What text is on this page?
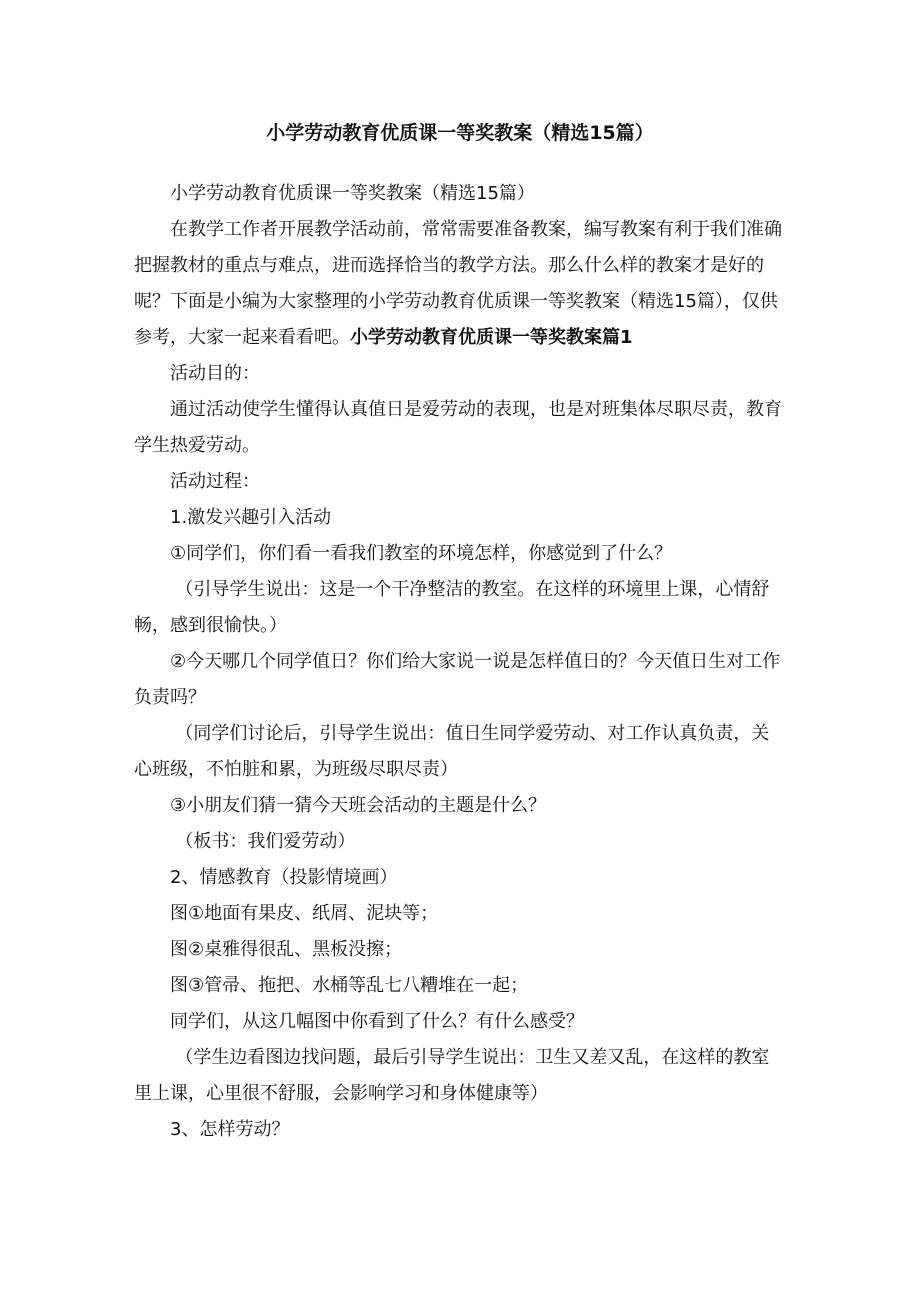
小学劳动教育优质课一等奖教案（精选15篇）

小学劳动教育优质课一等奖教案（精选15篇）

在教学工作者开展教学活动前，常常需要准备教案，编写教案有利于我们准确把握教材的重点与难点，进而选择恰当的教学方法。那么什么样的教案才是好的呢？下面是小编为大家整理的小学劳动教育优质课一等奖教案（精选15篇），仅供参考，大家一起来看看吧。小学劳动教育优质课一等奖教案篇1

活动目的：

通过活动使学生懂得认真值日是爱劳动的表现，也是对班集体尽职尽责，教育学生热爱劳动。

活动过程：

1.激发兴趣引入活动

①同学们，你们看一看我们教室的环境怎样，你感觉到了什么？

（引导学生说出：这是一个干净整洁的教室。在这样的环境里上课，心情舒畅，感到很愉快。）

②今天哪几个同学值日？你们给大家说一说是怎样值日的？今天值日生对工作负责吗？

（同学们讨论后，引导学生说出：值日生同学爱劳动、对工作认真负责，关心班级，不怕脏和累，为班级尽职尽责）

③小朋友们猜一猜今天班会活动的主题是什么？

（板书：我们爱劳动）

2、情感教育（投影情境画）

图①地面有果皮、纸屑、泥块等；

图②桌雅得很乱、黑板没擦；

图③管帚、拖把、水桶等乱七八糟堆在一起；

同学们，从这几幅图中你看到了什么？有什么感受？

（学生边看图边找问题，最后引导学生说出：卫生又差又乱，在这样的教室里上课，心里很不舒服，会影响学习和身体健康等）

3、怎样劳动？
